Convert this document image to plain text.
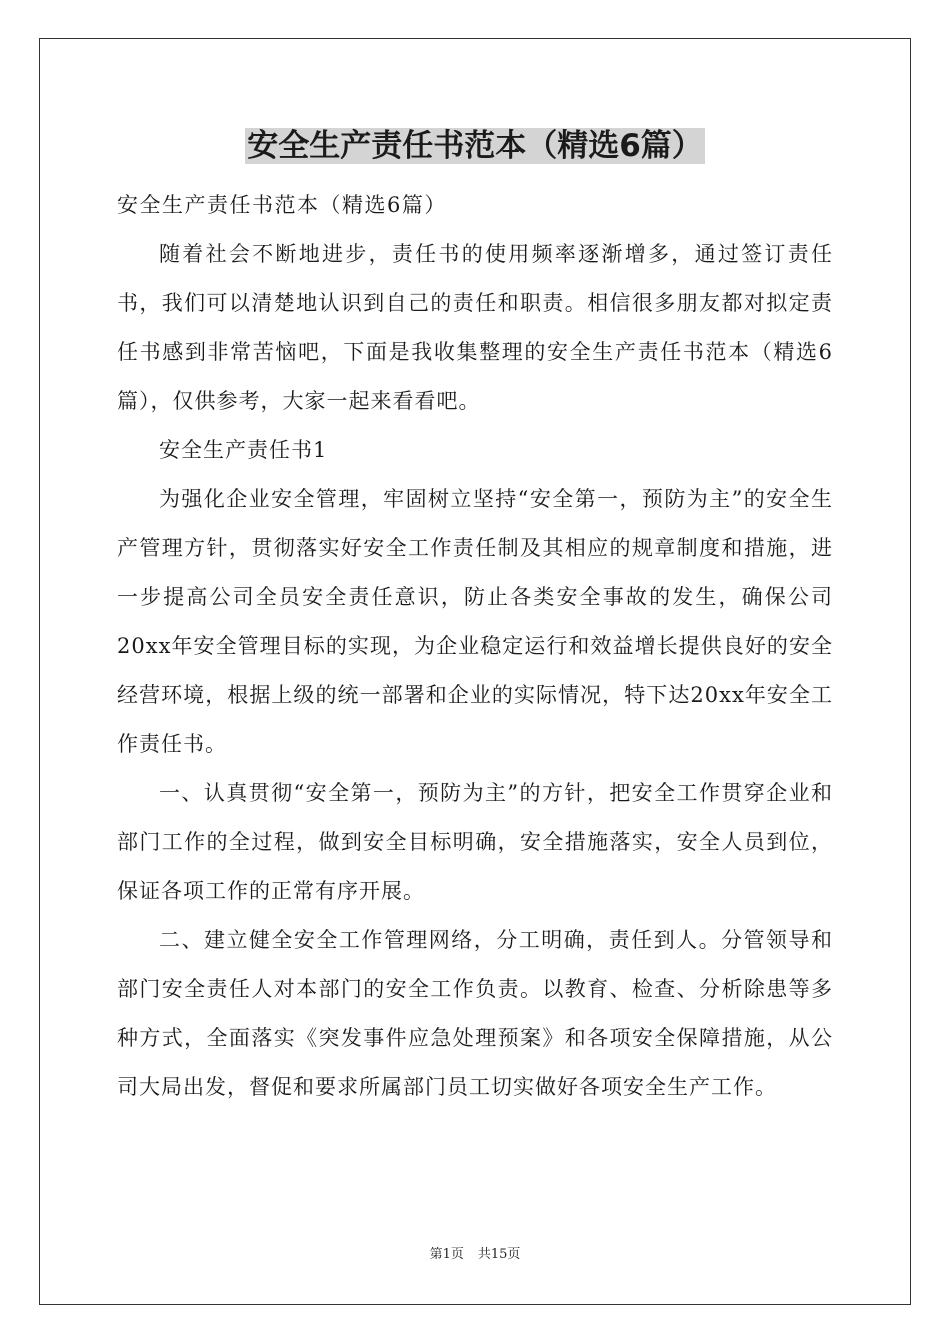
安全生产责任书范本（精选6篇）

安全生产责任书范本（精选6篇）

随着社会不断地进步，责任书的使用频率逐渐增多，通过签订责任书，我们可以清楚地认识到自己的责任和职责。相信很多朋友都对拟定责任书感到非常苦恼吧，下面是我收集整理的安全生产责任书范本（精选6篇），仅供参考，大家一起来看看吧。

安全生产责任书1

为强化企业安全管理，牢固树立坚持“安全第一，预防为主”的安全生产管理方针，贯彻落实好安全工作责任制及其相应的规章制度和措施，进一步提高公司全员安全责任意识，防止各类安全事故的发生，确保公司20xx年安全管理目标的实现，为企业稳定运行和效益增长提供良好的安全经营环境，根据上级的统一部署和企业的实际情况，特下达20xx年安全工作责任书。

一、认真贯彻“安全第一，预防为主”的方针，把安全工作贯穿企业和部门工作的全过程，做到安全目标明确，安全措施落实，安全人员到位，保证各项工作的正常有序开展。

二、建立健全安全工作管理网络，分工明确，责任到人。分管领导和部门安全责任人对本部门的安全工作负责。以教育、检查、分析除患等多种方式，全面落实《突发事件应急处理预案》和各项安全保障措施，从公司大局出发，督促和要求所属部门员工切实做好各项安全生产工作。

第1页 共15页
